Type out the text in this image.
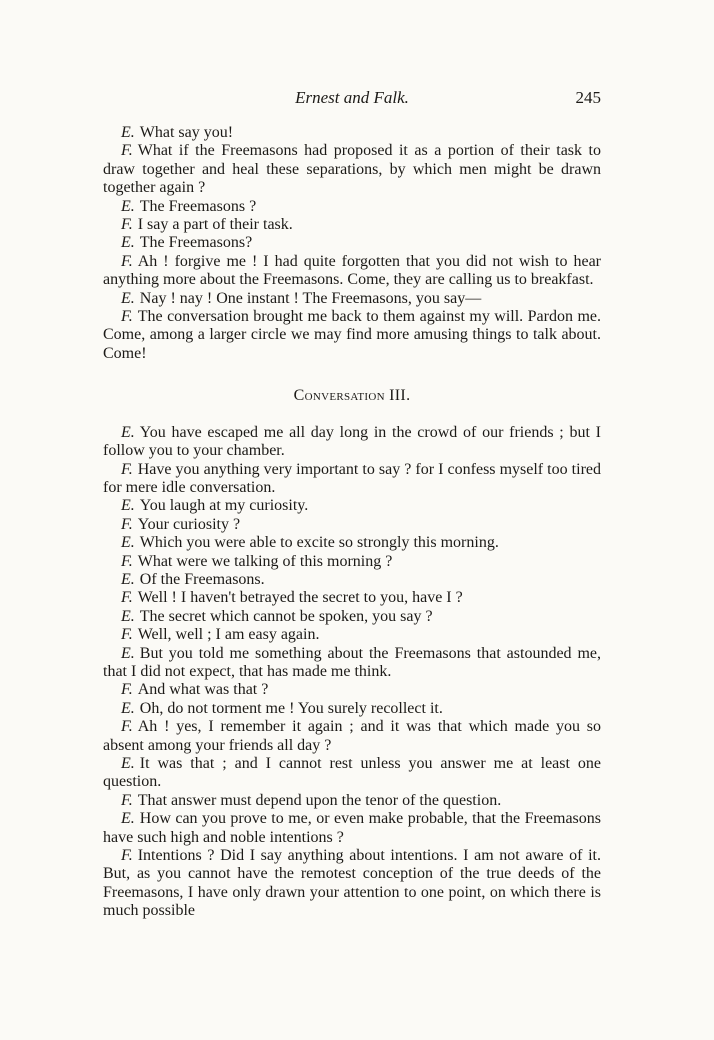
Ernest and Falk.	245

E. What say you!

F. What if the Freemasons had proposed it as a portion of their task to draw together and heal these separations, by which men might be drawn together again ?

E. The Freemasons ?

F. I say a part of their task.

E. The Freemasons?

F. Ah ! forgive me ! I had quite forgotten that you did not wish to hear anything more about the Freemasons. Come, they are calling us to breakfast.

E. Nay ! nay ! One instant ! The Freemasons, you say—

F. The conversation brought me back to them against my will. Pardon me. Come, among a larger circle we may find more amusing things to talk about. Come!

Conversation III.

E. You have escaped me all day long in the crowd of our friends ; but I follow you to your chamber.

F. Have you anything very important to say ? for I confess myself too tired for mere idle conversation.

E. You laugh at my curiosity.

F. Your curiosity ?

E. Which you were able to excite so strongly this morning.

F. What were we talking of this morning ?

E. Of the Freemasons.

F. Well ! I haven't betrayed the secret to you, have I ?

E. The secret which cannot be spoken, you say ?

F. Well, well ; I am easy again.

E. But you told me something about the Freemasons that astounded me, that I did not expect, that has made me think.

F. And what was that ?

E. Oh, do not torment me ! You surely recollect it.

F. Ah ! yes, I remember it again ; and it was that which made you so absent among your friends all day ?

E. It was that ; and I cannot rest unless you answer me at least one question.

F. That answer must depend upon the tenor of the question.

E. How can you prove to me, or even make probable, that the Freemasons have such high and noble intentions ?

F. Intentions ? Did I say anything about intentions. I am not aware of it. But, as you cannot have the remotest conception of the true deeds of the Freemasons, I have only drawn your attention to one point, on which there is much possible
